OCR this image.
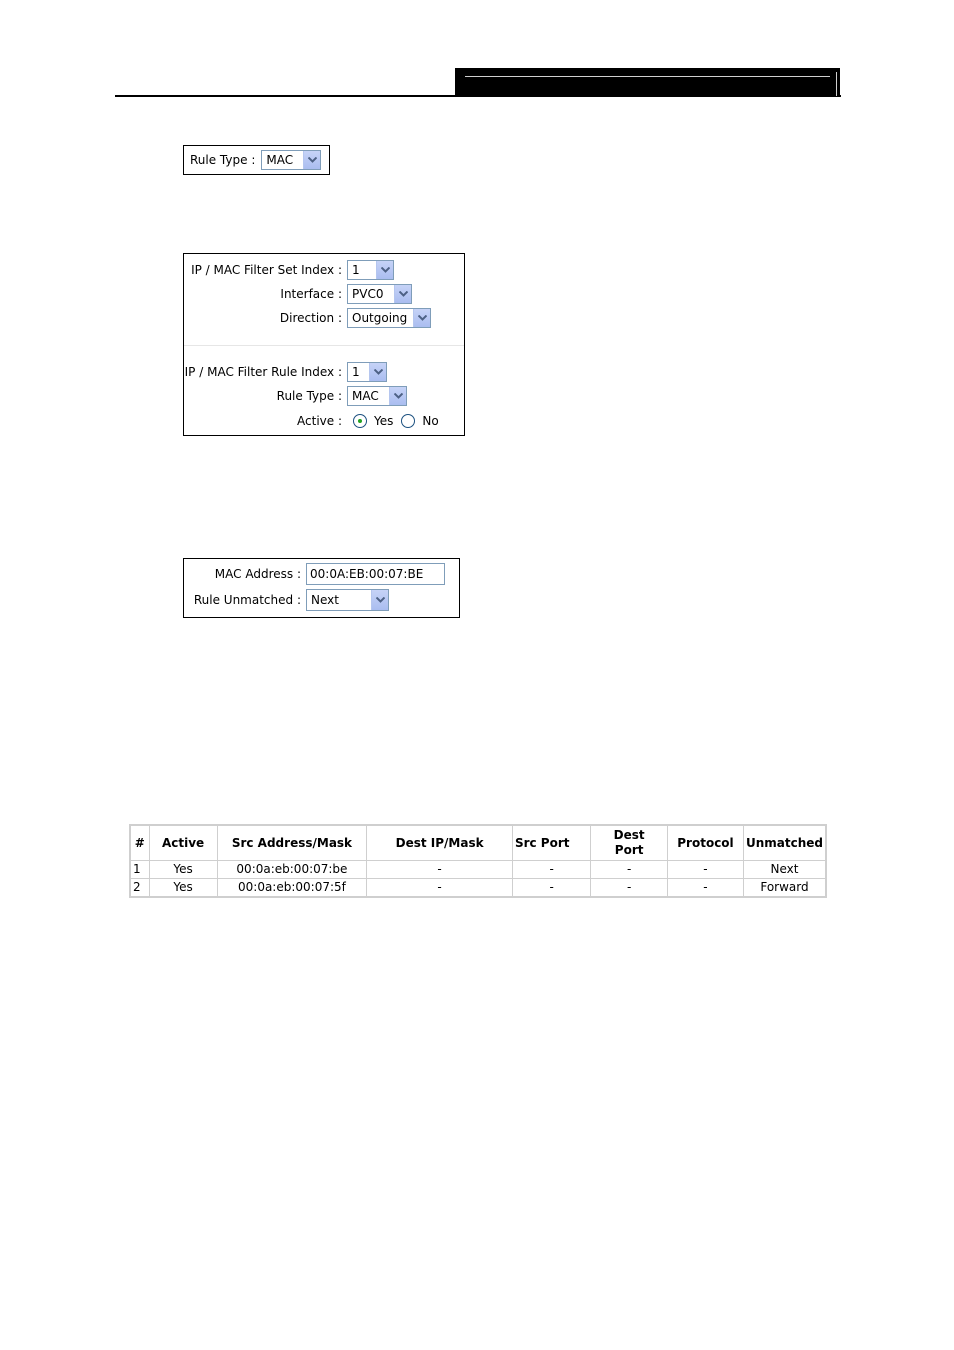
Rule Type : MAC
IP / MAC Filter Set Index : 1
Interface : PVC0
Direction : Outgoing
IP / MAC Filter Rule Index : 1
Rule Type : MAC
Active :	Yes No
MAC Address :
00:0A:EB:00:07:BE
Rule Unmatched : Next
#	Active	Src Address/Mask	Dest IP/Mask	Src Port	Dest Port	Protocol	Unmatched
1	Yes	00:0a:eb:00:07:be	-	-	-	-	Next
2	Yes	00:0a:eb:00:07:5f	-	-	-	-	Forward
